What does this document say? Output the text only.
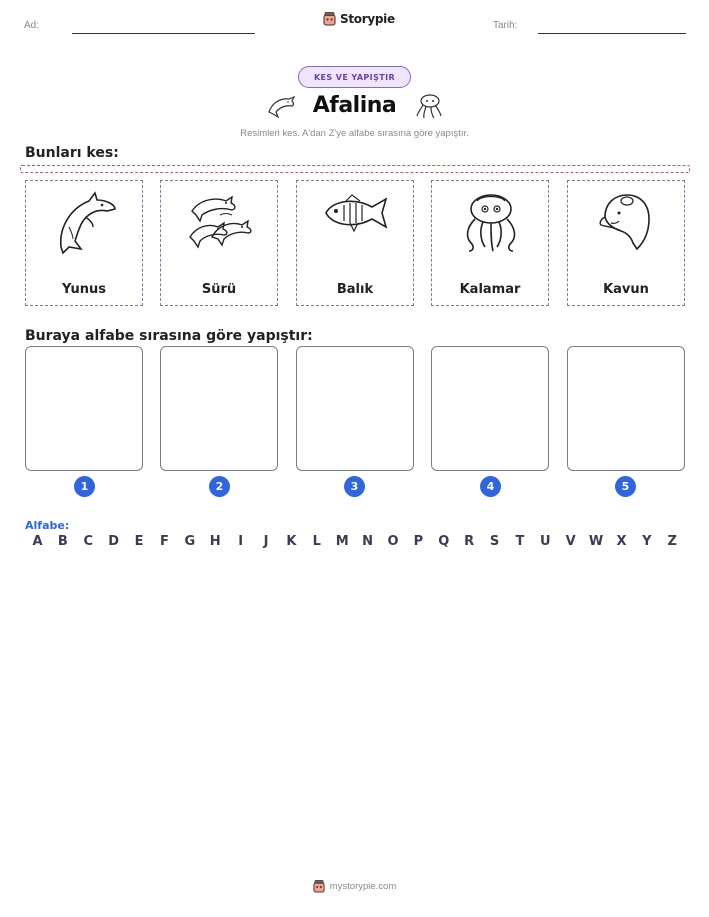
Ad:	Storypie	Tarih:
KES VE YAPIŞTIR
Afalina
Resimleri kes. A'dan Z'ye alfabe sırasına göre yapıştır.
Bunları kes:
Yunus	Sürü	Balık	Kalamar	Kavun
Buraya alfabe sırasına göre yapıştır:
1	2	3	4	5
Alfabe:
A	B	C	D	E	F	G	H	I	J	K	L	M	N	O	P	Q	R	S	T	U	V	W	X	Y	Z
mystorypie.com
